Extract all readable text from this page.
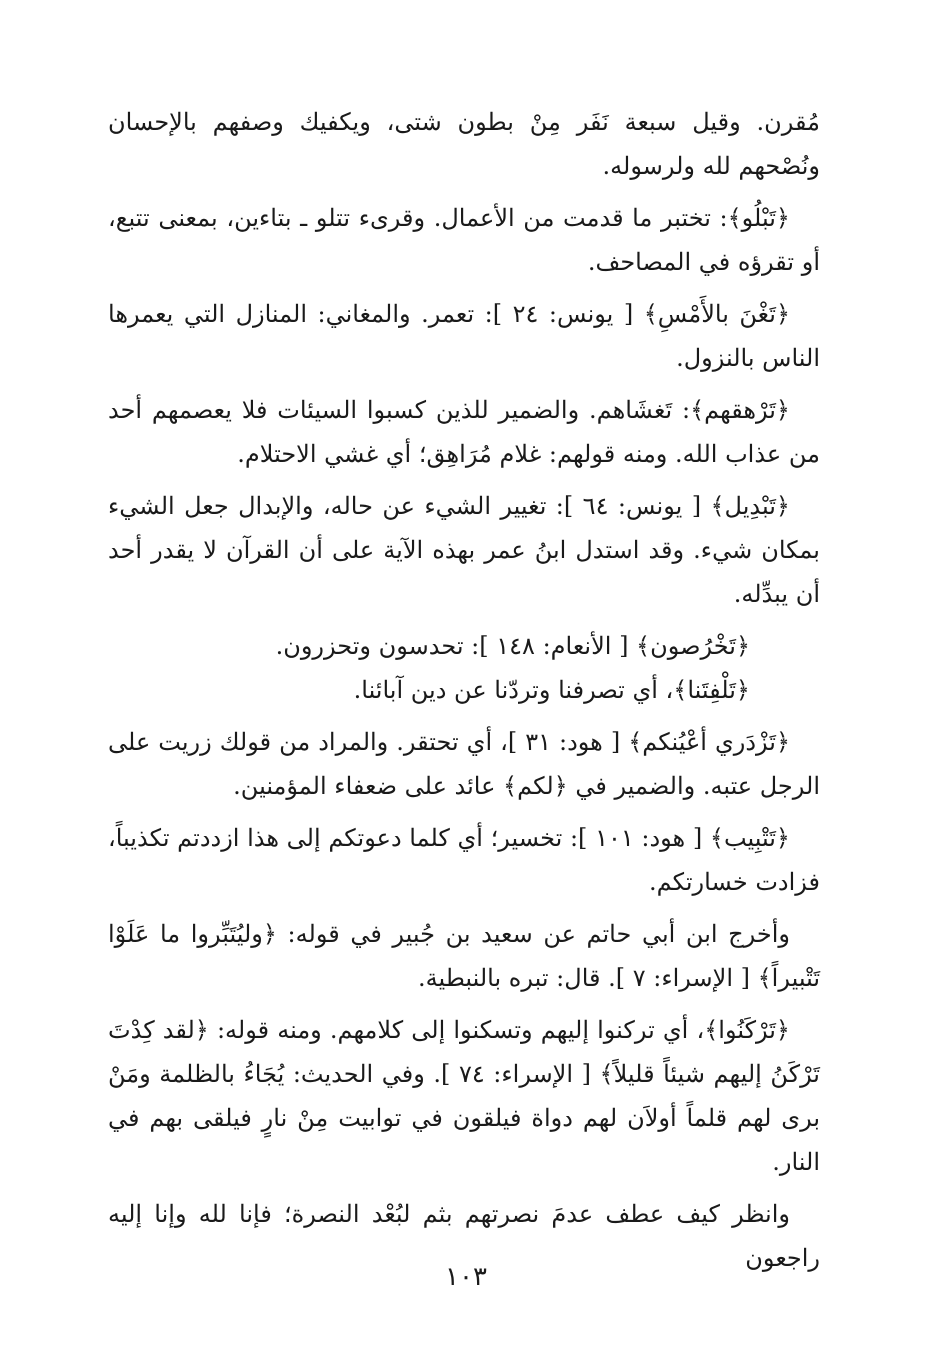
مُقرن. وقيل سبعة نَفَر مِنْ بطون شتى، ويكفيك وصفهم بالإحسان ونُصْحهم لله ولرسوله.

﴿تَبْلُو﴾: تختبر ما قدمت من الأعمال. وقرىء تتلو ـ بتاءين، بمعنى تتبع، أو تقرؤه في المصاحف.

﴿تَغْنَ بالأَمْسِ﴾ [ يونس: ٢٤ ]: تعمر. والمغاني: المنازل التي يعمرها الناس بالنزول.

﴿تَرْهقهم﴾: تَغشَاهم. والضمير للذين كسبوا السيئات فلا يعصمهم أحد من عذاب الله. ومنه قولهم: غلام مُرَاهِق؛ أي غشي الاحتلام.

﴿تَبْدِيل﴾ [ يونس: ٦٤ ]: تغيير الشيء عن حاله، والإبدال جعل الشيء بمكان شيء. وقد استدل ابنُ عمر بهذه الآية على أن القرآن لا يقدر أحد أن يبدِّله.

﴿تَخْرُصون﴾ [ الأنعام: ١٤٨ ]: تحدسون وتحزرون.

﴿تَلْفِتَنا﴾، أي تصرفنا وتردّنا عن دين آبائنا.

﴿تَزْدَري أعْيُنكم﴾ [ هود: ٣١ ]، أي تحتقر. والمراد من قولك زريت على الرجل عتبه. والضمير في ﴿لكم﴾ عائد على ضعفاء المؤمنين.

﴿تَتْبِيب﴾ [ هود: ١٠١ ]: تخسير؛ أي كلما دعوتكم إلى هذا ازددتم تكذيباً، فزادت خسارتكم.

وأخرج ابن أبي حاتم عن سعيد بن جُبير في قوله: ﴿وليُتَبِّروا ما عَلَوْا تَتْبيراً﴾ [ الإسراء: ٧ ]. قال: تبره بالنبطية.

﴿تَرْكَنُوا﴾، أي تركنوا إليهم وتسكنوا إلى كلامهم. ومنه قوله: ﴿لقد كِدْتَ تَرْكَنُ إليهم شيئاً قليلاً﴾ [ الإسراء: ٧٤ ]. وفي الحديث: يُجَاءُ بالظلمة ومَنْ برى لهم قلماً أولاَن لهم دواة فيلقون في توابيت مِنْ نارٍ فيلقى بهم في النار.

وانظر كيف عطف عدمَ نصرتهم بثم لبُعْد النصرة؛ فإنا لله وإنا إليه راجعون

١٠٣
